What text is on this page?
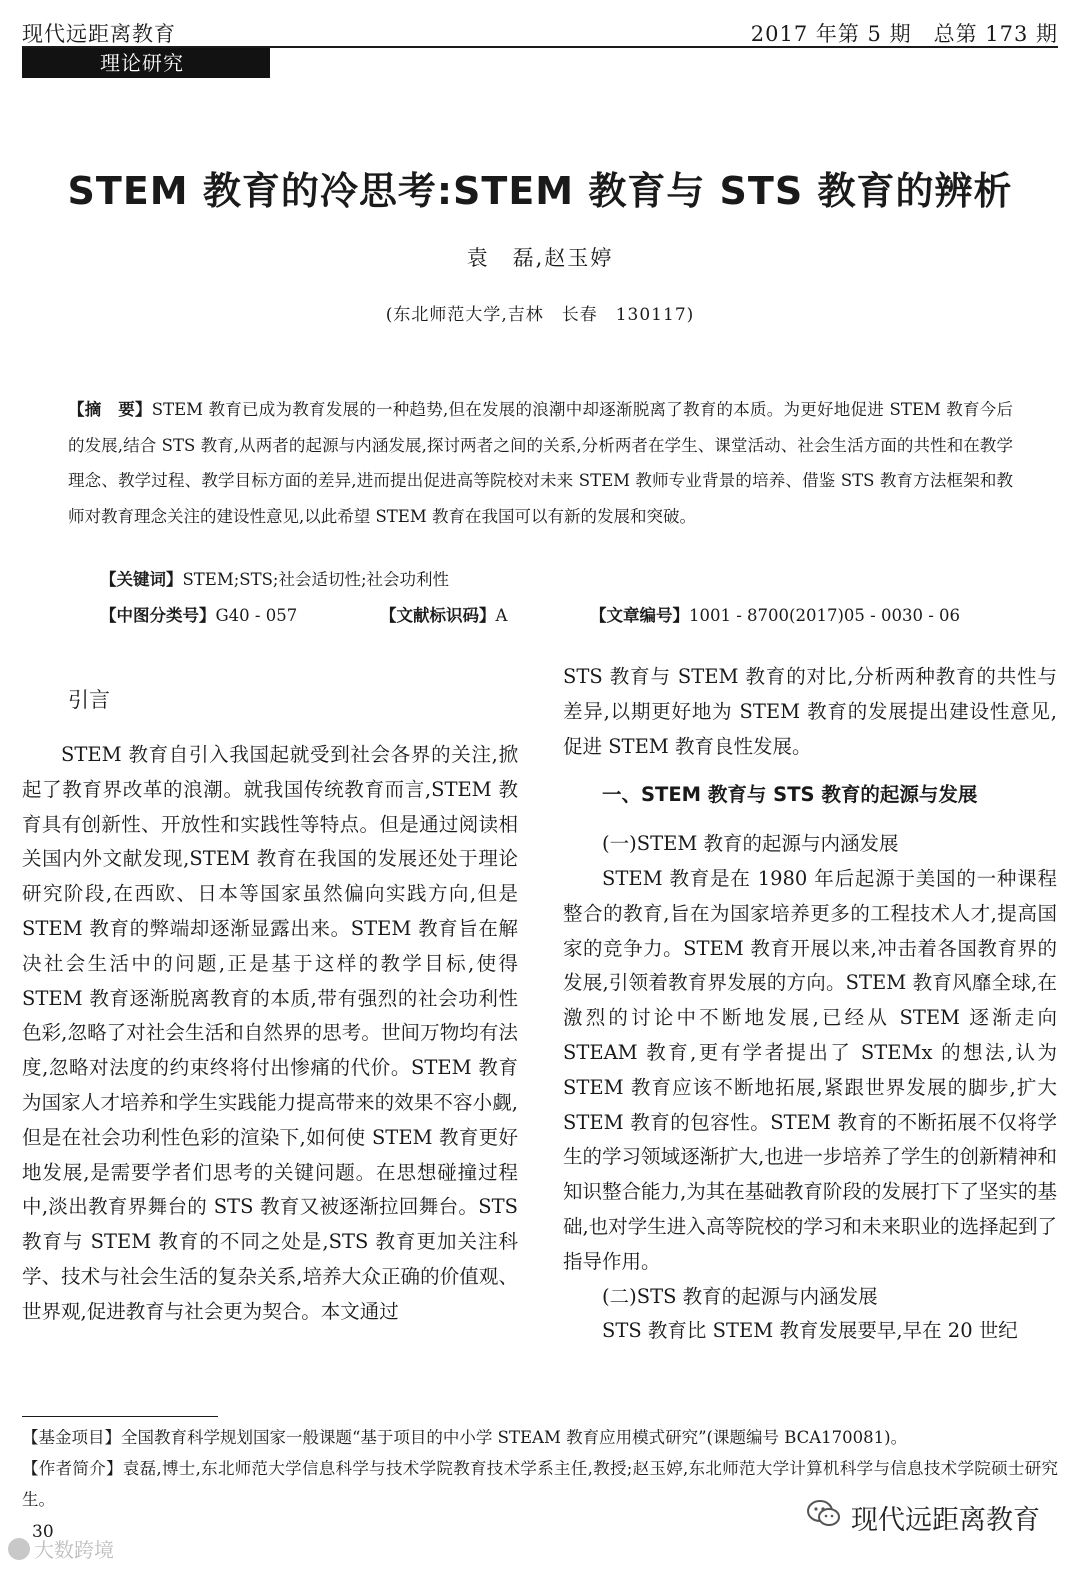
现代远距离教育	2017 年第 5 期　总第 173 期
理论研究
STEM 教育的冷思考:STEM 教育与 STS 教育的辨析
袁　磊,赵玉婷
(东北师范大学,吉林　长春　130117)
【摘　要】STEM 教育已成为教育发展的一种趋势,但在发展的浪潮中却逐渐脱离了教育的本质。为更好地促进 STEM 教育今后的发展,结合 STS 教育,从两者的起源与内涵发展,探讨两者之间的关系,分析两者在学生、课堂活动、社会生活方面的共性和在教学理念、教学过程、教学目标方面的差异,进而提出促进高等院校对未来 STEM 教师专业背景的培养、借鉴 STS 教育方法框架和教师对教育理念关注的建设性意见,以此希望 STEM 教育在我国可以有新的发展和突破。
【关键词】STEM;STS;社会适切性;社会功利性
【中图分类号】G40 - 057	【文献标识码】A	【文章编号】1001 - 8700(2017)05 - 0030 - 06
引言

STEM 教育自引入我国起就受到社会各界的关注,掀起了教育界改革的浪潮。就我国传统教育而言,STEM 教育具有创新性、开放性和实践性等特点。但是通过阅读相关国内外文献发现,STEM 教育在我国的发展还处于理论研究阶段,在西欧、日本等国家虽然偏向实践方向,但是 STEM 教育的弊端却逐渐显露出来。STEM 教育旨在解决社会生活中的问题,正是基于这样的教学目标,使得 STEM 教育逐渐脱离教育的本质,带有强烈的社会功利性色彩,忽略了对社会生活和自然界的思考。世间万物均有法度,忽略对法度的约束终将付出惨痛的代价。STEM 教育为国家人才培养和学生实践能力提高带来的效果不容小觑,但是在社会功利性色彩的渲染下,如何使 STEM 教育更好地发展,是需要学者们思考的关键问题。在思想碰撞过程中,淡出教育界舞台的 STS 教育又被逐渐拉回舞台。STS 教育与 STEM 教育的不同之处是,STS 教育更加关注科学、技术与社会生活的复杂关系,培养大众正确的价值观、世界观,促进教育与社会更为契合。本文通过

STS 教育与 STEM 教育的对比,分析两种教育的共性与差异,以期更好地为 STEM 教育的发展提出建设性意见,促进 STEM 教育良性发展。

一、STEM 教育与 STS 教育的起源与发展

(一)STEM 教育的起源与内涵发展

STEM 教育是在 1980 年后起源于美国的一种课程整合的教育,旨在为国家培养更多的工程技术人才,提高国家的竞争力。STEM 教育开展以来,冲击着各国教育界的发展,引领着教育界发展的方向。STEM 教育风靡全球,在激烈的讨论中不断地发展,已经从 STEM 逐渐走向 STEAM 教育,更有学者提出了 STEMx 的想法,认为 STEM 教育应该不断地拓展,紧跟世界发展的脚步,扩大 STEM 教育的包容性。STEM 教育的不断拓展不仅将学生的学习领域逐渐扩大,也进一步培养了学生的创新精神和知识整合能力,为其在基础教育阶段的发展打下了坚实的基础,也对学生进入高等院校的学习和未来职业的选择起到了指导作用。

(二)STS 教育的起源与内涵发展

STS 教育比 STEM 教育发展要早,早在 20 世纪

【基金项目】全国教育科学规划国家一般课题“基于项目的中小学 STEAM 教育应用模式研究”(课题编号 BCA170081)。

【作者简介】袁磊,博士,东北师范大学信息科学与技术学院教育技术学系主任,教授;赵玉婷,东北师范大学计算机科学与信息技术学院硕士研究生。

30
大数跨境
现代远距离教育
